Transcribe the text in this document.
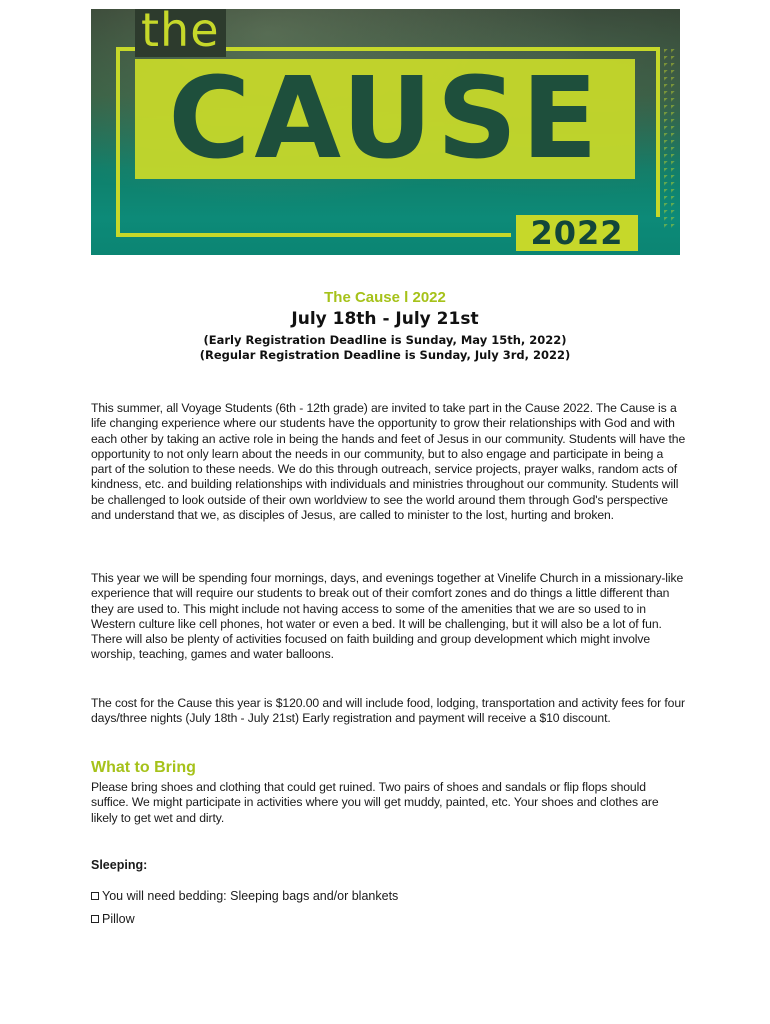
the
CAUSE
2022
The Cause l 2022
July 18th - July 21st
(Early Registration Deadline is Sunday, May 15th, 2022)
(Regular Registration Deadline is Sunday, July 3rd, 2022)

This summer, all Voyage Students (6th - 12th grade) are invited to take part in the Cause 2022. The Cause is a life changing experience where our students have the opportunity to grow their relationships with God and with each other by taking an active role in being the hands and feet of Jesus in our community. Students will have the opportunity to not only learn about the needs in our community, but to also engage and participate in being a part of the solution to these needs. We do this through outreach, service projects, prayer walks, random acts of kindness, etc. and building relationships with individuals and ministries throughout our community. Students will be challenged to look outside of their own worldview to see the world around them through God's perspective and understand that we, as disciples of Jesus, are called to minister to the lost, hurting and broken.

This year we will be spending four mornings, days, and evenings together at Vinelife Church in a missionary-like experience that will require our students to break out of their comfort zones and do things a little different than they are used to. This might include not having access to some of the amenities that we are so used to in Western culture like cell phones, hot water or even a bed. It will be challenging, but it will also be a lot of fun. There will also be plenty of activities focused on faith building and group development which might involve worship, teaching, games and water balloons.

The cost for the Cause this year is $120.00 and will include food, lodging, transportation and activity fees for four days/three nights (July 18th - July 21st) Early registration and payment will receive a $10 discount.

What to Bring

Please bring shoes and clothing that could get ruined. Two pairs of shoes and sandals or flip flops should suffice. We might participate in activities where you will get muddy, painted, etc. Your shoes and clothes are likely to get wet and dirty.

Sleeping:
You will need bedding: Sleeping bags and/or blankets
Pillow
